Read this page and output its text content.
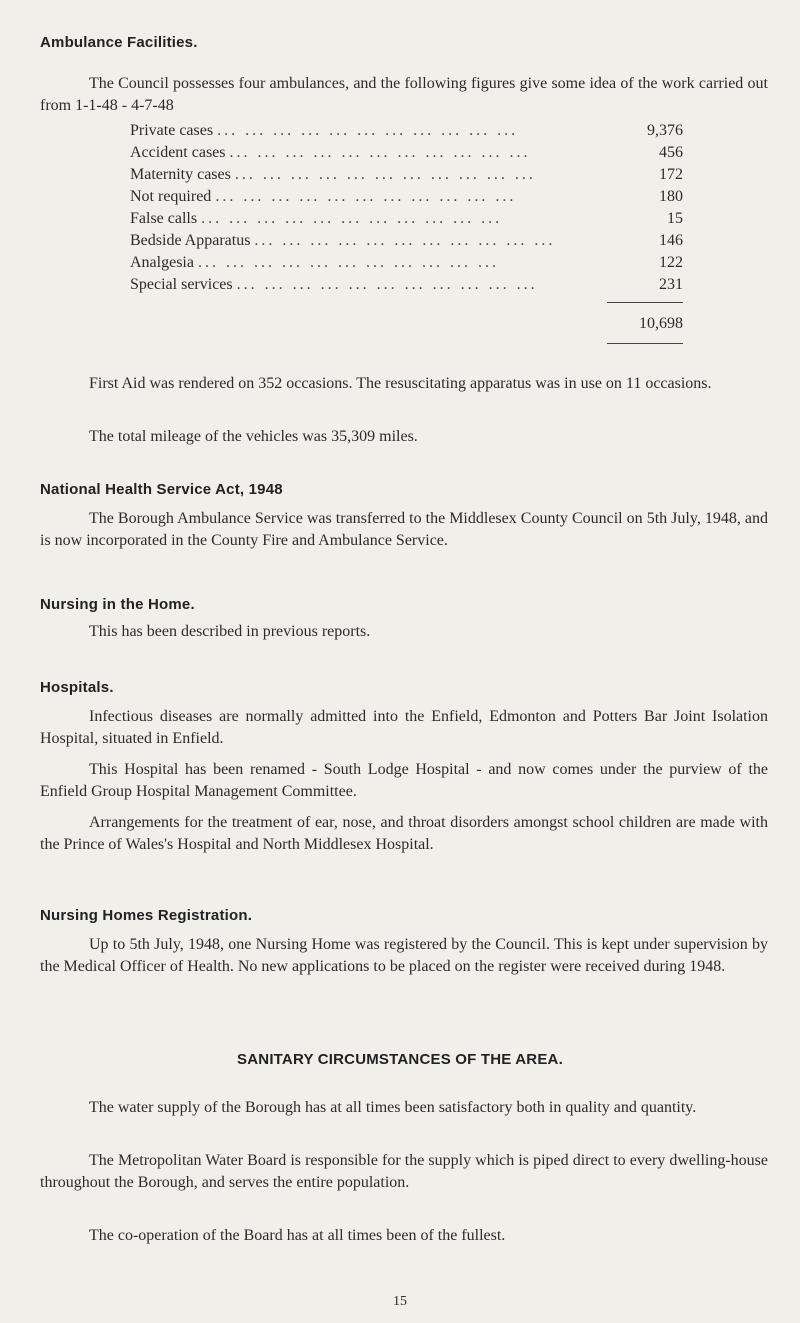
Ambulance Facilities.

The Council possesses four ambulances, and the following figures give some idea of the work carried out from 1-1-48 - 4-7-48

Private cases ... ... ... ... ... ... ... ... ... ... ...	9,376
Accident cases ... ... ... ... ... ... ... ... ... ... ...	456
Maternity cases ... ... ... ... ... ... ... ... ... ... ...	172
Not required ... ... ... ... ... ... ... ... ... ... ...	180
False calls ... ... ... ... ... ... ... ... ... ... ...	15
Bedside Apparatus ... ... ... ... ... ... ... ... ... ... ...	146
Analgesia ... ... ... ... ... ... ... ... ... ... ...	122
Special services ... ... ... ... ... ... ... ... ... ... ...	231
10,698

First Aid was rendered on 352 occasions. The resuscitating apparatus was in use on 11 occasions.

The total mileage of the vehicles was 35,309 miles.

National Health Service Act, 1948

The Borough Ambulance Service was transferred to the Middlesex County Council on 5th July, 1948, and is now incorporated in the County Fire and Ambulance Service.

Nursing in the Home.

This has been described in previous reports.

Hospitals.

Infectious diseases are normally admitted into the Enfield, Edmonton and Potters Bar Joint Isolation Hospital, situated in Enfield.

This Hospital has been renamed - South Lodge Hospital - and now comes under the purview of the Enfield Group Hospital Management Committee.

Arrangements for the treatment of ear, nose, and throat disorders amongst school children are made with the Prince of Wales's Hospital and North Middlesex Hospital.

Nursing Homes Registration.

Up to 5th July, 1948, one Nursing Home was registered by the Council. This is kept under supervision by the Medical Officer of Health. No new applications to be placed on the register were received during 1948.

SANITARY CIRCUMSTANCES OF THE AREA.

The water supply of the Borough has at all times been satisfactory both in quality and quantity.

The Metropolitan Water Board is responsible for the supply which is piped direct to every dwelling-house throughout the Borough, and serves the entire population.

The co-operation of the Board has at all times been of the fullest.

15
